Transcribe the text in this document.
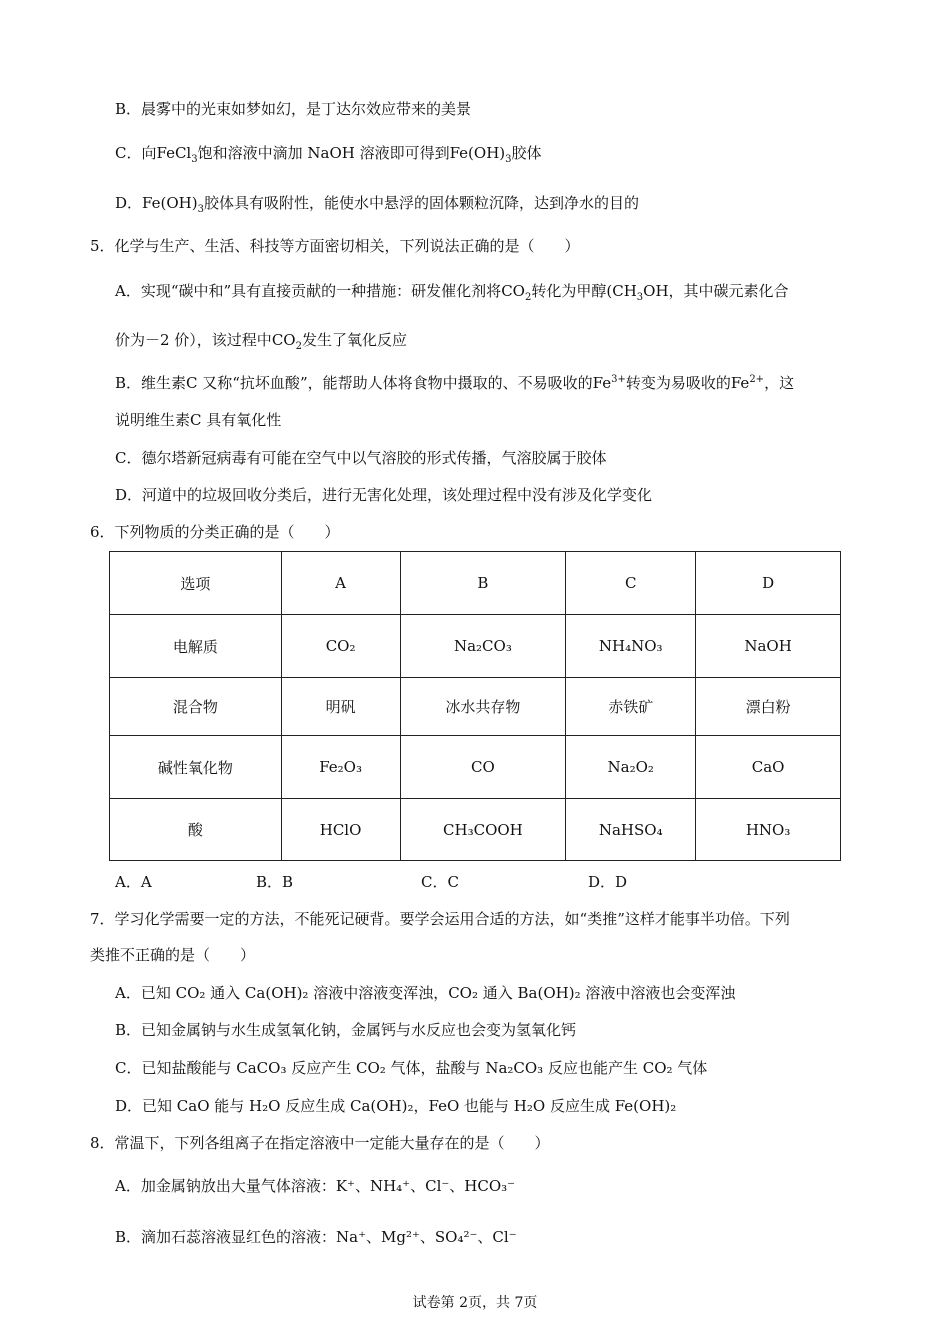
B．晨雾中的光束如梦如幻，是丁达尔效应带来的美景
C．向FeCl$_3$饱和溶液中滴加 NaOH 溶液即可得到$Fe(OH)_3$胶体
D．$Fe(OH)_3$胶体具有吸附性，能使水中悬浮的固体颗粒沉降，达到净水的目的
5．化学与生产、生活、科技等方面密切相关，下列说法正确的是（　　）
A．实现“碳中和”具有直接贡献的一种措施：研发催化剂将$CO_2$转化为甲醇($CH_3OH$，其中碳元素化合
价为－2 价），该过程中$CO_2$发生了氧化反应
B．维生素C 又称“抗坏血酸”，能帮助人体将食物中摄取的、不易吸收的$Fe^{3+}$转变为易吸收的$Fe^{2+}$，这
说明维生素C 具有氧化性
C．德尔塔新冠病毒有可能在空气中以气溶胶的形式传播，气溶胶属于胶体
D．河道中的垃圾回收分类后，进行无害化处理，该处理过程中没有涉及化学变化
6．下列物质的分类正确的是（　　）
选项	A	B	C	D
电解质	CO₂	Na₂CO₃	NH₄NO₃	NaOH
混合物	明矾	冰水共存物	赤铁矿	漂白粉
碱性氧化物	Fe₂O₃	CO	Na₂O₂	CaO
酸	HClO	CH₃COOH	NaHSO₄	HNO₃
A．A	B．B	C．C	D．D
7．学习化学需要一定的方法，不能死记硬背。要学会运用合适的方法，如“类推”这样才能事半功倍。下列
类推不正确的是（　　）
A．已知 CO₂ 通入 Ca(OH)₂ 溶液中溶液变浑浊，CO₂ 通入 Ba(OH)₂ 溶液中溶液也会变浑浊
B．已知金属钠与水生成氢氧化钠，金属钙与水反应也会变为氢氧化钙
C．已知盐酸能与 CaCO₃ 反应产生 CO₂ 气体，盐酸与 Na₂CO₃ 反应也能产生 CO₂ 气体
D．已知 CaO 能与 H₂O 反应生成 Ca(OH)₂，FeO 也能与 H₂O 反应生成 Fe(OH)₂
8．常温下，下列各组离子在指定溶液中一定能大量存在的是（　　）
A．加金属钠放出大量气体溶液：K⁺、NH₄⁺、Cl⁻、HCO₃⁻
B．滴加石蕊溶液显红色的溶液：Na⁺、Mg²⁺、SO₄²⁻、Cl⁻
试卷第 2页，共 7页
